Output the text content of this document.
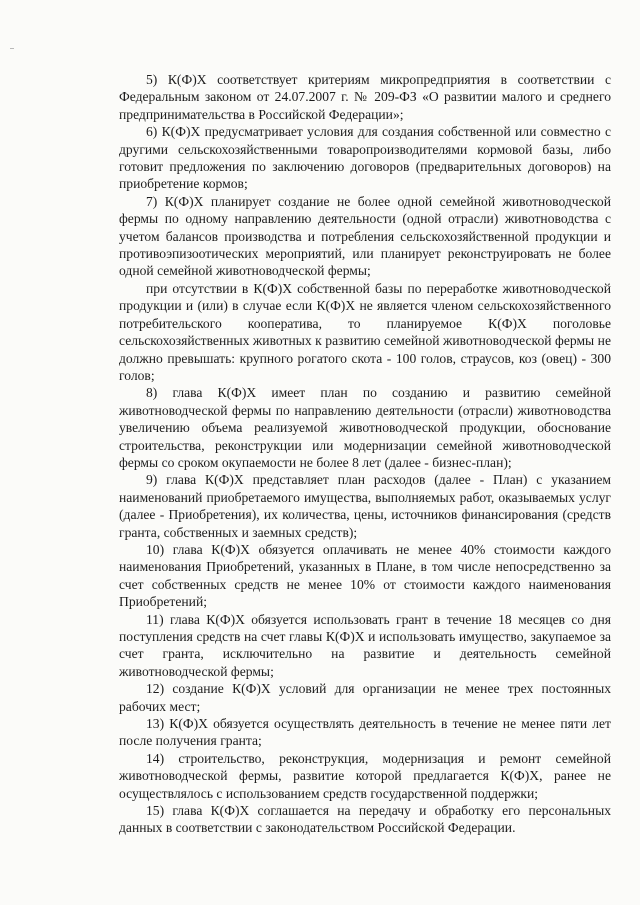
5) К(Ф)Х соответствует критериям микропредприятия в соответствии с Федеральным законом от 24.07.2007 г. № 209-ФЗ «О развитии малого и среднего предпринимательства в Российской Федерации»;

6) К(Ф)Х предусматривает условия для создания собственной или совместно с другими сельскохозяйственными товаропроизводителями кормовой базы, либо готовит предложения по заключению договоров (предварительных договоров) на приобретение кормов;

7) К(Ф)Х планирует создание не более одной семейной животноводческой фермы по одному направлению деятельности (одной отрасли) животноводства с учетом балансов производства и потребления сельскохозяйственной продукции и противоэпизоотических мероприятий, или планирует реконструировать не более одной семейной животноводческой фермы;

при отсутствии в К(Ф)Х собственной базы по переработке животноводческой продукции и (или) в случае если К(Ф)Х не является членом сельскохозяйственного потребительского кооператива, то планируемое К(Ф)Х поголовье сельскохозяйственных животных к развитию семейной животноводческой фермы не должно превышать: крупного рогатого скота - 100 голов, страусов, коз (овец) - 300 голов;

8) глава К(Ф)Х имеет план по созданию и развитию семейной животноводческой фермы по направлению деятельности (отрасли) животноводства увеличению объема реализуемой животноводческой продукции, обоснование строительства, реконструкции или модернизации семейной животноводческой фермы со сроком окупаемости не более 8 лет (далее - бизнес-план);

9) глава К(Ф)Х представляет план расходов (далее - План) с указанием наименований приобретаемого имущества, выполняемых работ, оказываемых услуг (далее - Приобретения), их количества, цены, источников финансирования (средств гранта, собственных и заемных средств);

10) глава К(Ф)Х обязуется оплачивать не менее 40% стоимости каждого наименования Приобретений, указанных в Плане, в том числе непосредственно за счет собственных средств не менее 10% от стоимости каждого наименования Приобретений;

11) глава К(Ф)Х обязуется использовать грант в течение 18 месяцев со дня поступления средств на счет главы К(Ф)Х и использовать имущество, закупаемое за счет гранта, исключительно на развитие и деятельность семейной животноводческой фермы;

12) создание К(Ф)Х условий для организации не менее трех постоянных рабочих мест;

13) К(Ф)Х обязуется осуществлять деятельность в течение не менее пяти лет после получения гранта;

14) строительство, реконструкция, модернизация и ремонт семейной животноводческой фермы, развитие которой предлагается К(Ф)Х, ранее не осуществлялось с использованием средств государственной поддержки;

15) глава К(Ф)Х соглашается на передачу и обработку его персональных данных в соответствии с законодательством Российской Федерации.
